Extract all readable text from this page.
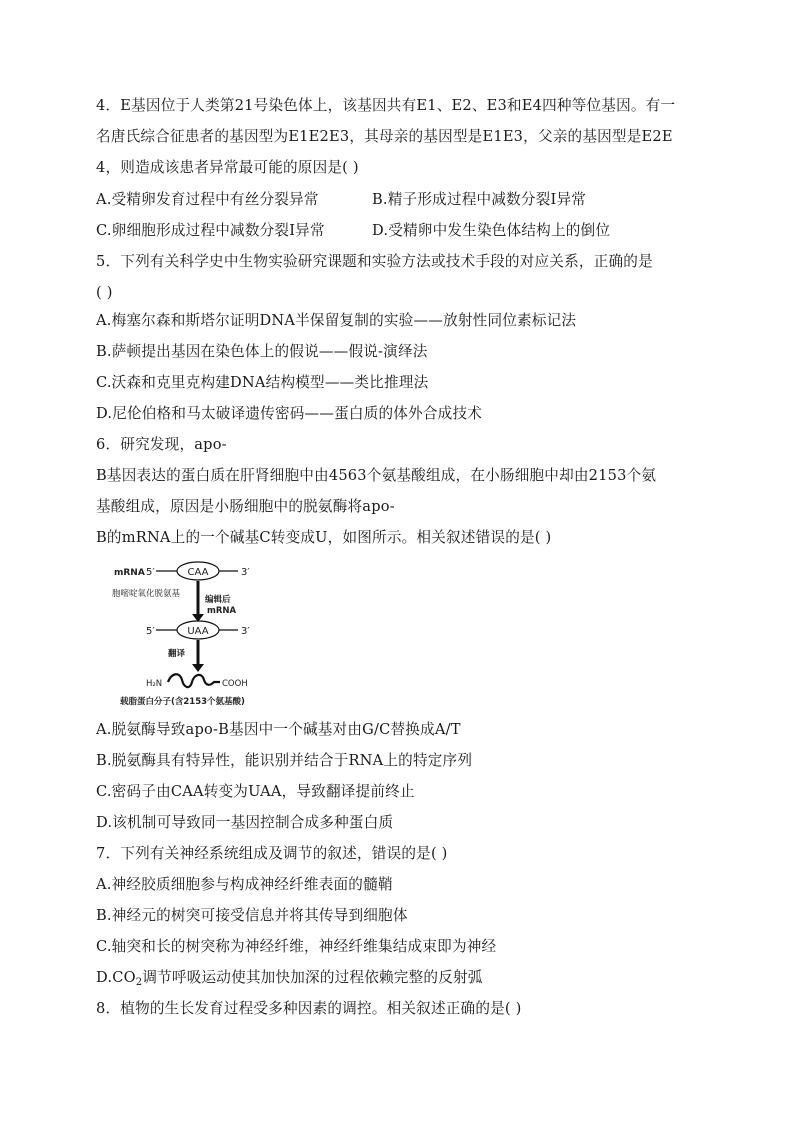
4．E基因位于人类第21号染色体上，该基因共有E1、E2、E3和E4四种等位基因。有一
名唐氏综合征患者的基因型为E1E2E3，其母亲的基因型是E1E3，父亲的基因型是E2E
4，则造成该患者异常最可能的原因是( )
A.受精卵发育过程中有丝分裂异常	B.精子形成过程中减数分裂Ⅰ异常
C.卵细胞形成过程中减数分裂Ⅰ异常	D.受精卵中发生染色体结构上的倒位
5．下列有关科学史中生物实验研究课题和实验方法或技术手段的对应关系，正确的是
( )
A.梅塞尔森和斯塔尔证明DNA半保留复制的实验——放射性同位素标记法
B.萨顿提出基因在染色体上的假说——假说-演绎法
C.沃森和克里克构建DNA结构模型——类比推理法
D.尼伦伯格和马太破译遗传密码——蛋白质的体外合成技术
6．研究发现，apo-
B基因表达的蛋白质在肝肾细胞中由4563个氨基酸组成，在小肠细胞中却由2153个氨
基酸组成，原因是小肠细胞中的脱氨酶将apo-
B的mRNA上的一个碱基C转变成U，如图所示。相关叙述错误的是( )
mRNA 5′	CAA	3′
胞嘧啶氧化脱氨基
编辑后
mRNA
5′	UAA	3′
翻译
H₂N	COOH
载脂蛋白分子(含2153个氨基酸)
A.脱氨酶导致apo-B基因中一个碱基对由G/C替换成A/T
B.脱氨酶具有特异性，能识别并结合于RNA上的特定序列
C.密码子由CAA转变为UAA，导致翻译提前终止
D.该机制可导致同一基因控制合成多种蛋白质
7．下列有关神经系统组成及调节的叙述，错误的是( )
A.神经胶质细胞参与构成神经纤维表面的髓鞘
B.神经元的树突可接受信息并将其传导到细胞体
C.轴突和长的树突称为神经纤维，神经纤维集结成束即为神经
$D.CO_2$调节呼吸运动使其加快加深的过程依赖完整的反射弧
8．植物的生长发育过程受多种因素的调控。相关叙述正确的是( )
